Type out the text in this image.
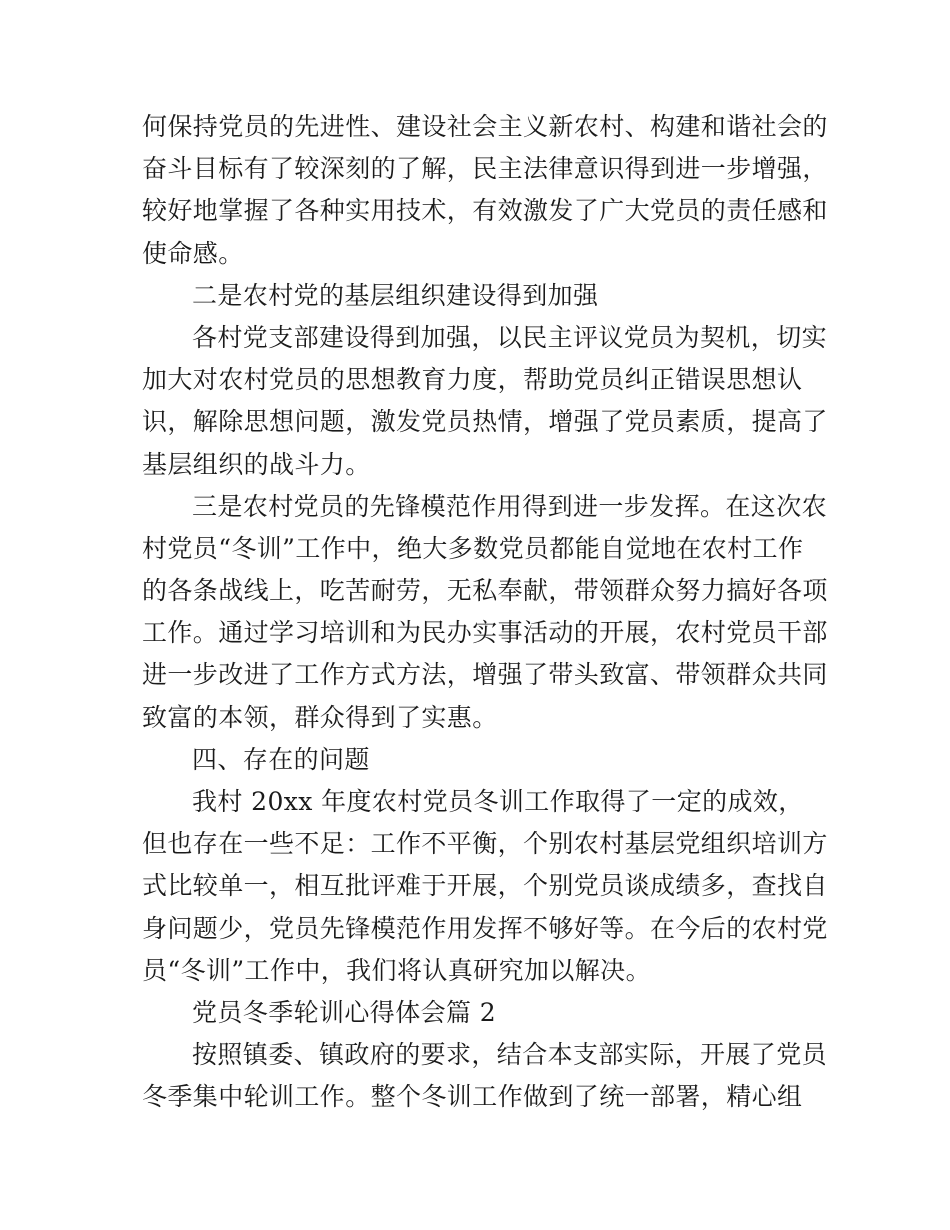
何保持党员的先进性、建设社会主义新农村、构建和谐社会的
奋斗目标有了较深刻的了解，民主法律意识得到进一步增强，
较好地掌握了各种实用技术，有效激发了广大党员的责任感和
使命感。
二是农村党的基层组织建设得到加强
各村党支部建设得到加强，以民主评议党员为契机，切实
加大对农村党员的思想教育力度，帮助党员纠正错误思想认
识，解除思想问题，激发党员热情，增强了党员素质，提高了
基层组织的战斗力。
三是农村党员的先锋模范作用得到进一步发挥。在这次农
村党员“冬训”工作中，绝大多数党员都能自觉地在农村工作
的各条战线上，吃苦耐劳，无私奉献，带领群众努力搞好各项
工作。通过学习培训和为民办实事活动的开展，农村党员干部
进一步改进了工作方式方法，增强了带头致富、带领群众共同
致富的本领，群众得到了实惠。
四、存在的问题
我村 20xx 年度农村党员冬训工作取得了一定的成效，
但也存在一些不足：工作不平衡，个别农村基层党组织培训方
式比较单一，相互批评难于开展，个别党员谈成绩多，查找自
身问题少，党员先锋模范作用发挥不够好等。在今后的农村党
员“冬训”工作中，我们将认真研究加以解决。
党员冬季轮训心得体会篇 2
按照镇委、镇政府的要求，结合本支部实际，开展了党员
冬季集中轮训工作。整个冬训工作做到了统一部署，精心组
